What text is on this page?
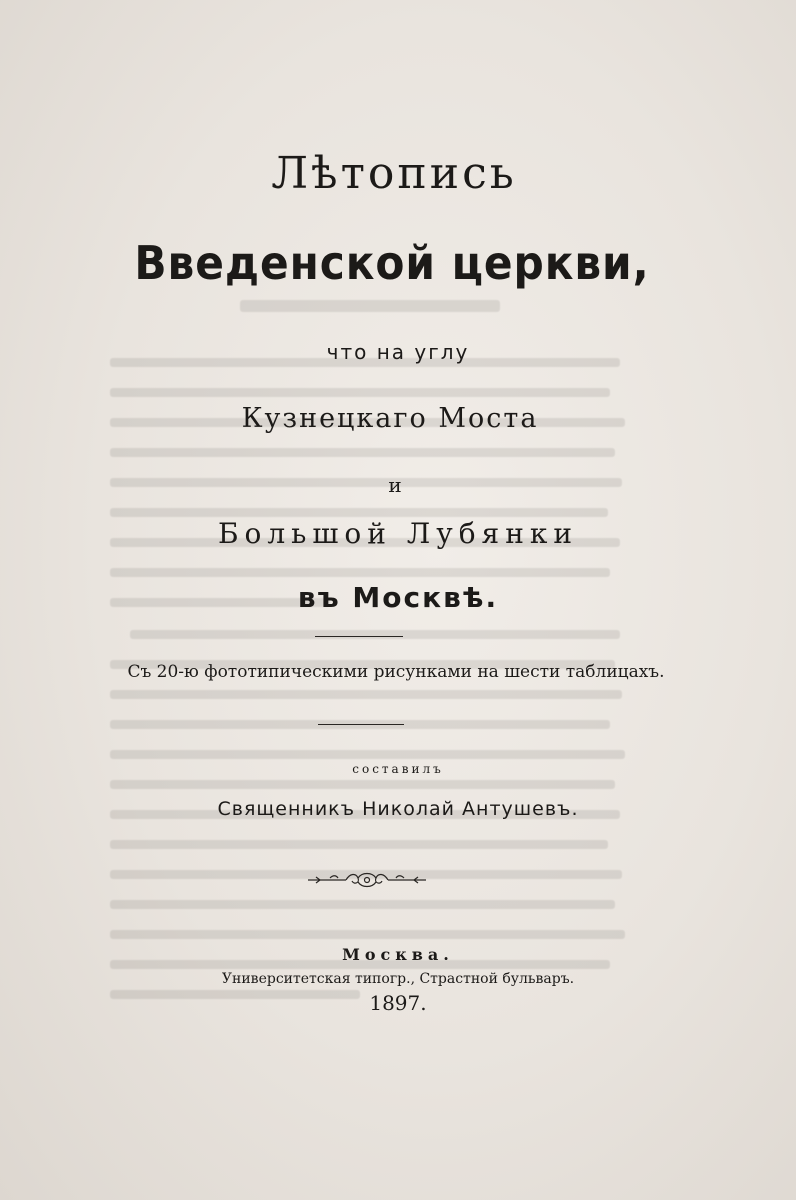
Лѣтопись
Введенской церкви,
что на углу
Кузнецкаго Моста
и
Большой Лубянки
въ Москвѣ.
Съ 20-ю фототипическими рисунками на шести таблицахъ.
составилъ
Священникъ Николай Антушевъ.
Москва.
Университетская типогр., Страстной бульваръ.
1897.
